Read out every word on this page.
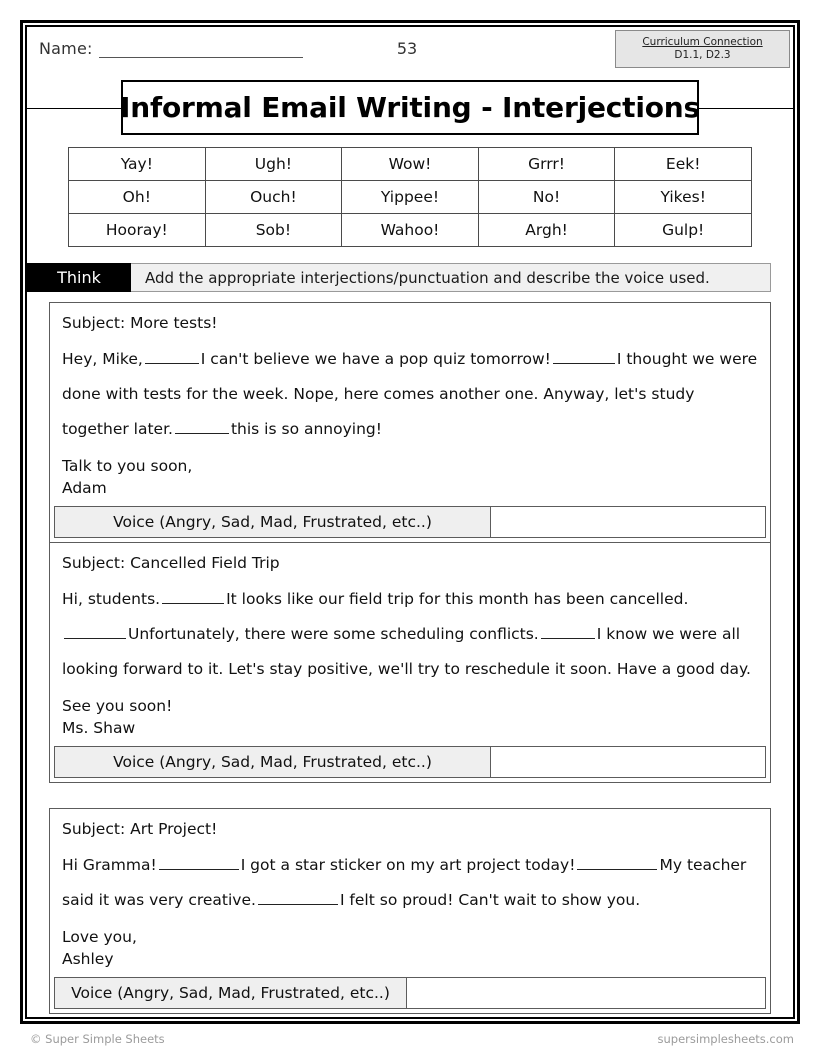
Name:	53	Curriculum Connection
D1.1, D2.3
Informal Email Writing - Interjections
Yay!	Ugh!	Wow!	Grrr!	Eek!
Oh!	Ouch!	Yippee!	No!	Yikes!
Hooray!	Sob!	Wahoo!	Argh!	Gulp!
Think	Add the appropriate interjections/punctuation and describe the voice used.
Subject: More tests!
Hey, Mike,	I can't believe we have a pop quiz tomorrow!	I thought we were done with tests for the week. Nope, here comes another one. Anyway, let's study together later.	this is so annoying!
Talk to you soon,
Adam
Voice (Angry, Sad, Mad, Frustrated, etc..)
Subject: Cancelled Field Trip
Hi, students.	It looks like our field trip for this month has been cancelled. Unfortunately, there were some scheduling conflicts.	I know we were all looking forward to it. Let's stay positive, we'll try to reschedule it soon. Have a good day.
See you soon!
Ms. Shaw
Voice (Angry, Sad, Mad, Frustrated, etc..)
Subject: Art Project!
Hi Gramma!	I got a star sticker on my art project today!	My teacher said it was very creative.	I felt so proud! Can't wait to show you.
Love you,
Ashley
Voice (Angry, Sad, Mad, Frustrated, etc..)
© Super Simple Sheets	supersimplesheets.com
